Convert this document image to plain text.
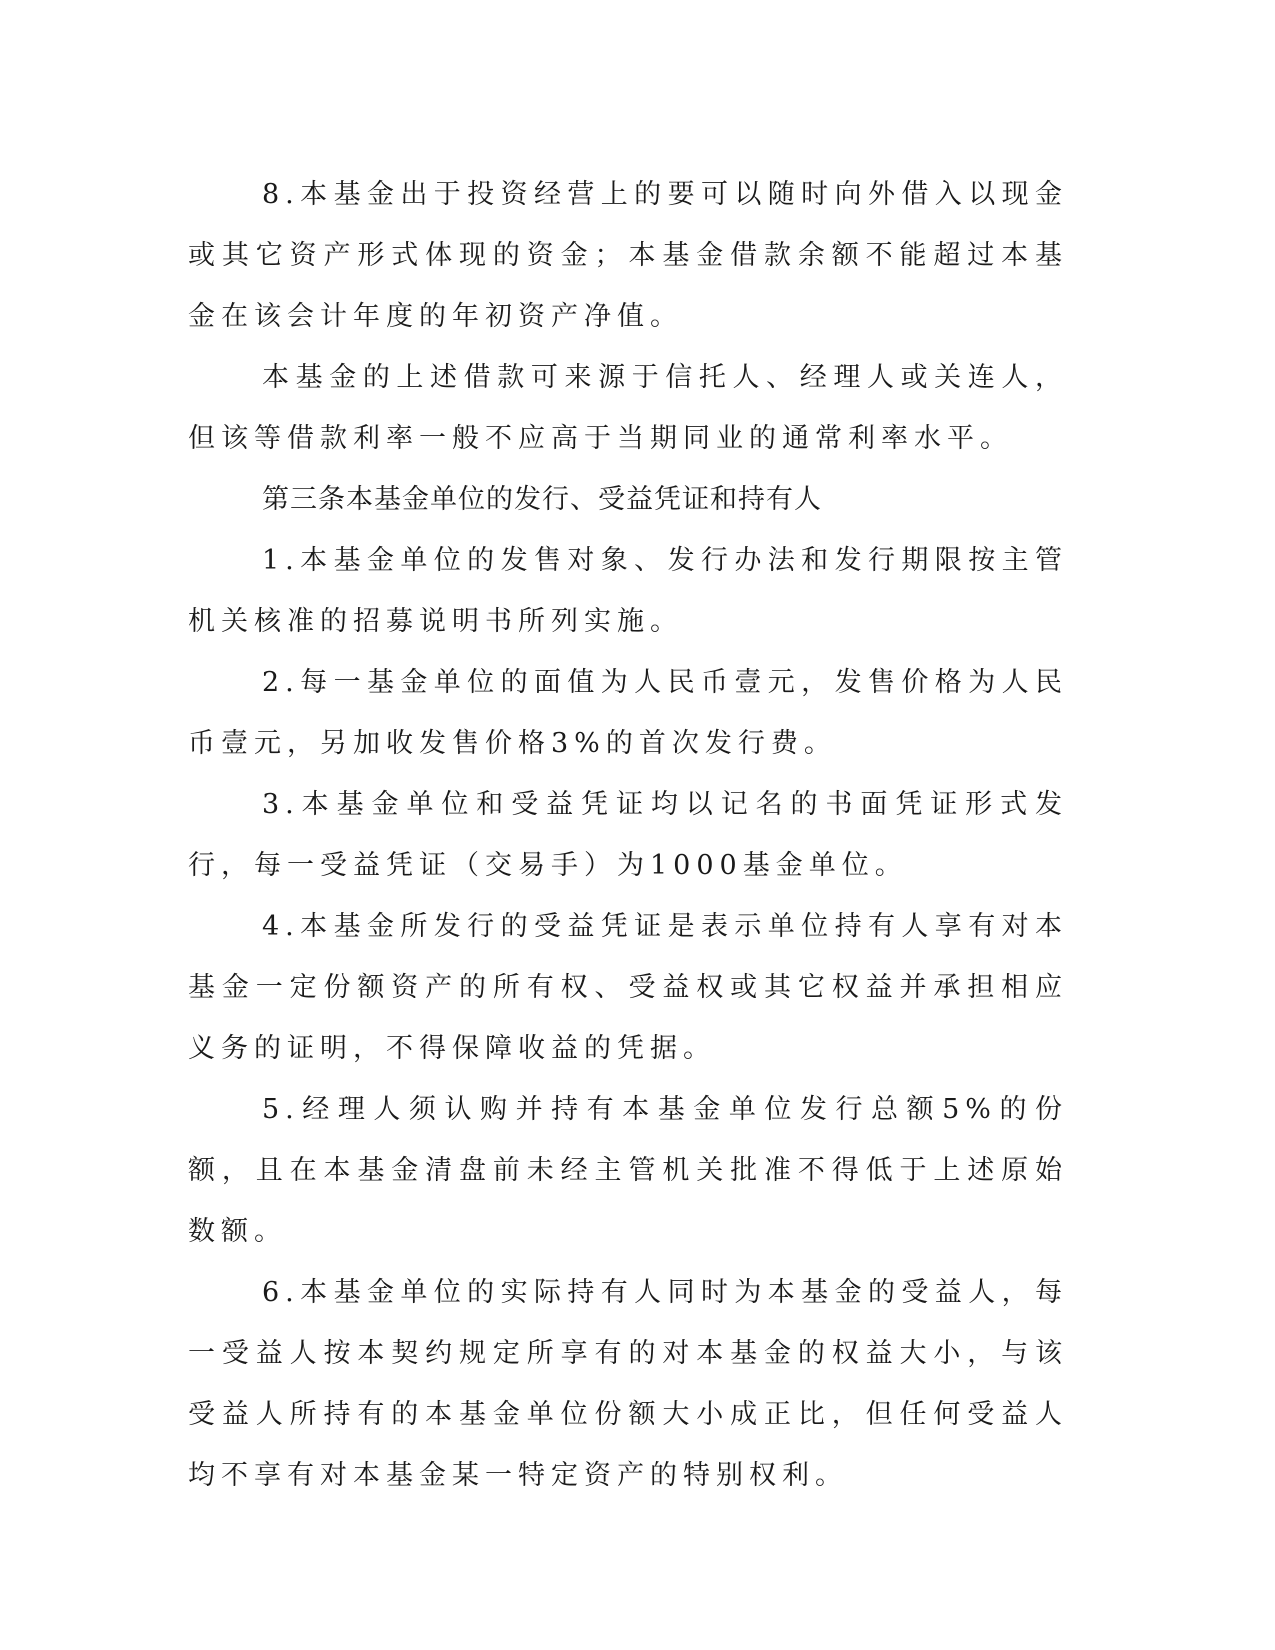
8.本基金出于投资经营上的要可以随时向外借入以现金或其它资产形式体现的资金；本基金借款余额不能超过本基金在该会计年度的年初资产净值。

本基金的上述借款可来源于信托人、经理人或关连人，但该等借款利率一般不应高于当期同业的通常利率水平。

第三条本基金单位的发行、受益凭证和持有人

1.本基金单位的发售对象、发行办法和发行期限按主管机关核准的招募说明书所列实施。

2.每一基金单位的面值为人民币壹元，发售价格为人民币壹元，另加收发售价格3%的首次发行费。

3.本基金单位和受益凭证均以记名的书面凭证形式发行，每一受益凭证（交易手）为1000基金单位。

4.本基金所发行的受益凭证是表示单位持有人享有对本基金一定份额资产的所有权、受益权或其它权益并承担相应义务的证明，不得保障收益的凭据。

5.经理人须认购并持有本基金单位发行总额5%的份额，且在本基金清盘前未经主管机关批准不得低于上述原始数额。

6.本基金单位的实际持有人同时为本基金的受益人，每一受益人按本契约规定所享有的对本基金的权益大小，与该受益人所持有的本基金单位份额大小成正比，但任何受益人均不享有对本基金某一特定资产的特别权利。
